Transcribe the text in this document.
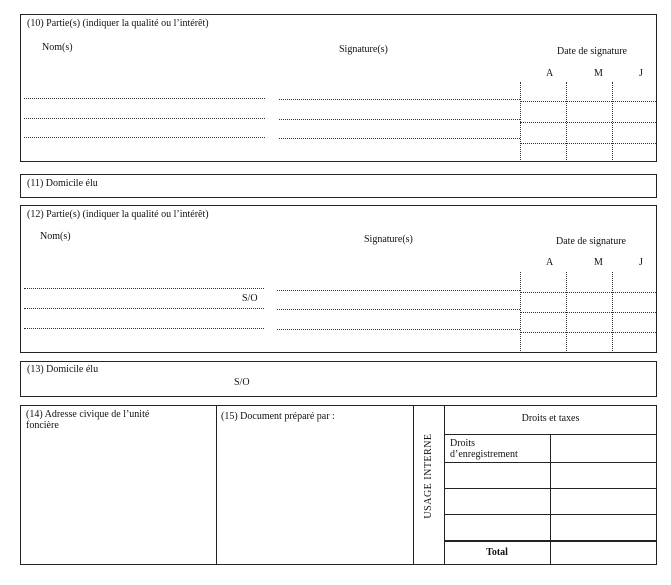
(10) Partie(s) (indiquer la qualité ou l’intérêt)
Nom(s)	Signature(s)	Date de signature
A	M	J
(11) Domicile élu
(12) Partie(s) (indiquer la qualité ou l’intérêt)
Nom(s)	Signature(s)	Date de signature
A	M	J
S/O
(13) Domicile élu
S/O
(14) Adresse civique de l’unité
foncière
(15) Document préparé par :
USAGE INTERNE
Droits et taxes
Droits
d’enregistrement
Total
